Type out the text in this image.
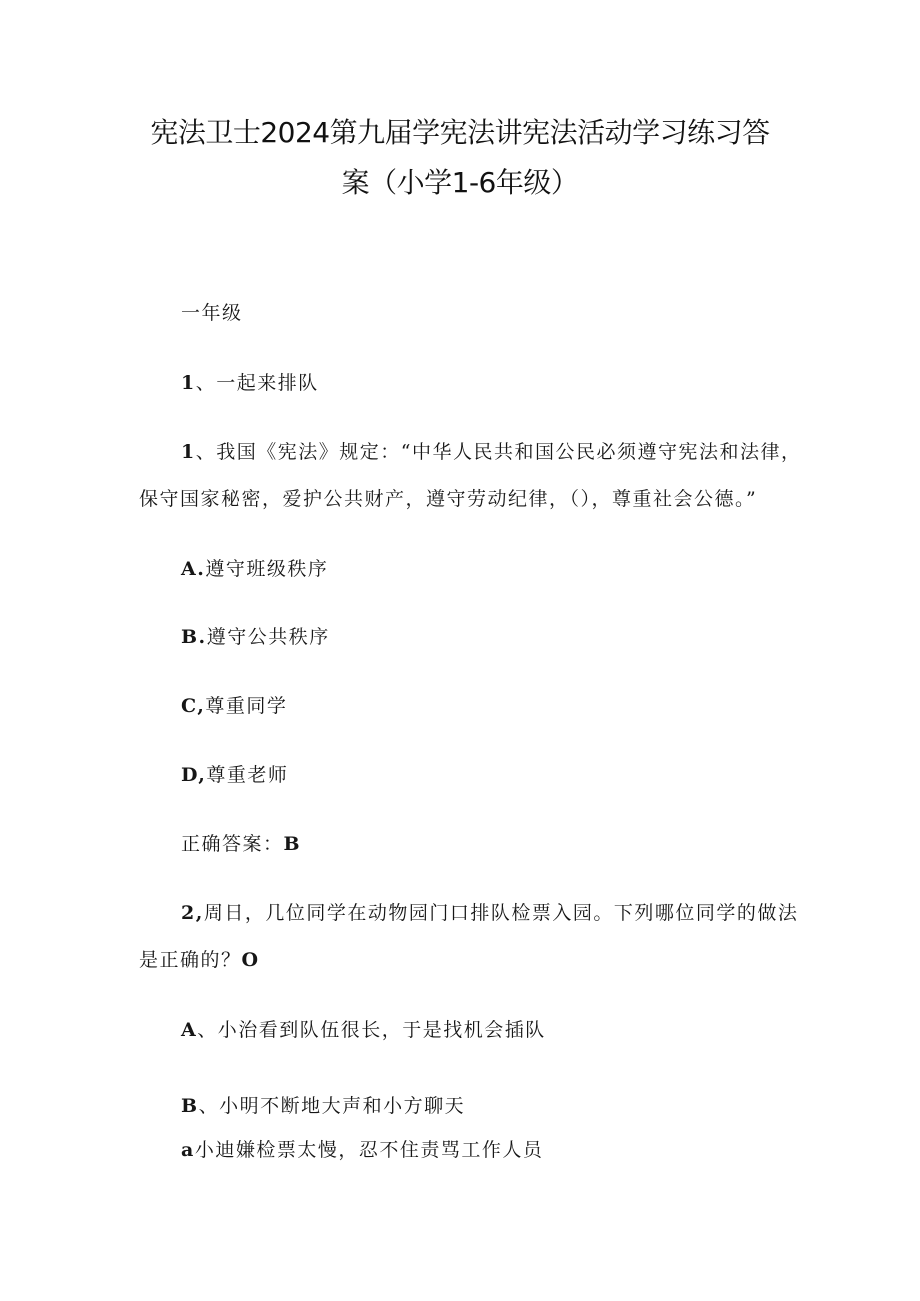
宪法卫士2024第九届学宪法讲宪法活动学习练习答
案（小学1-6年级）
一年级
1、一起来排队
1、我国《宪法》规定：“中华人民共和国公民必须遵守宪法和法律，
保守国家秘密，爱护公共财产，遵守劳动纪律，（），尊重社会公德。”
A.遵守班级秩序
B.遵守公共秩序
C,尊重同学
D,尊重老师
正确答案：B
2,周日，几位同学在动物园门口排队检票入园。下列哪位同学的做法
是正确的？O
A、小治看到队伍很长，于是找机会插队
B、小明不断地大声和小方聊天
a小迪嫌检票太慢，忍不住责骂工作人员
